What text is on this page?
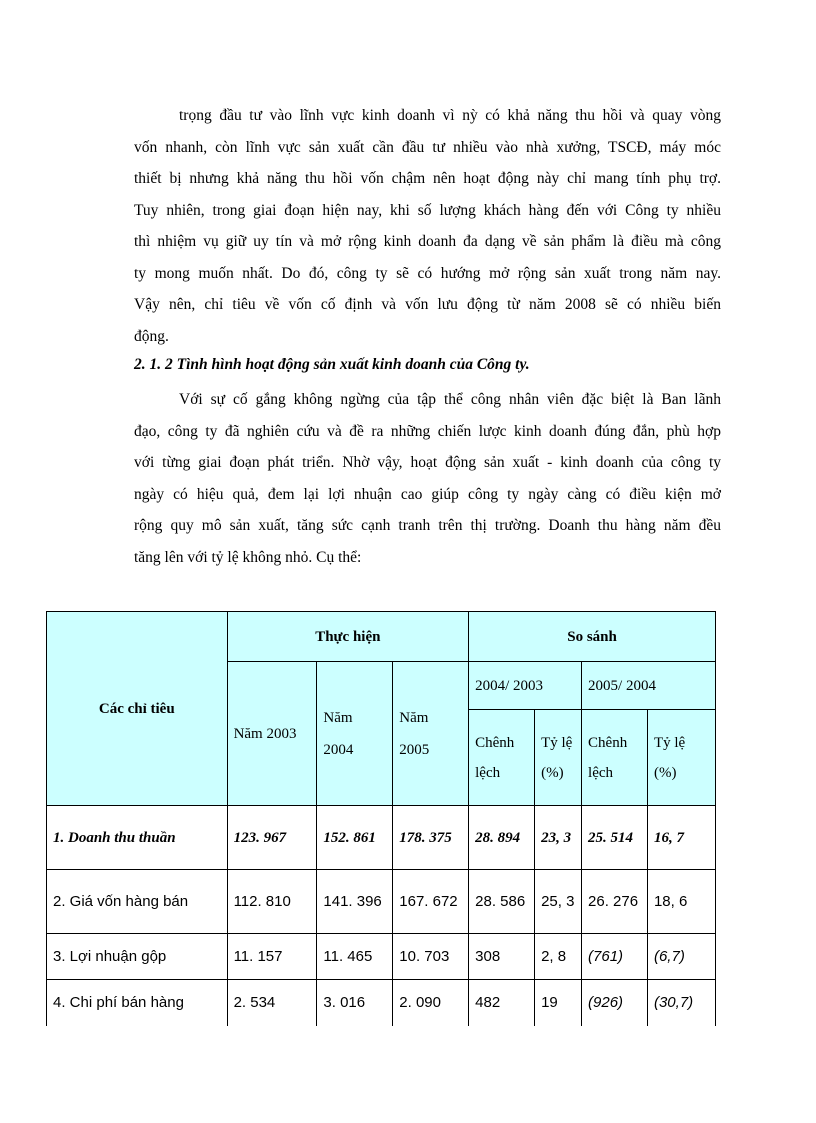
trọng đầu tư vào lĩnh vực kinh doanh vì nỳ có khả năng thu hồi và quay vòng
vốn nhanh, còn lĩnh vực sản xuất cần đầu tư nhiều vào nhà xưởng, TSCĐ, máy móc
thiết bị nhưng khả năng thu hồi vốn chậm nên hoạt động này chỉ mang tính phụ trợ.
Tuy nhiên, trong giai đoạn hiện nay, khi số lượng khách hàng đến với Công ty nhiều
thì nhiệm vụ giữ uy tín và mở rộng kinh doanh đa dạng về sản phẩm là điều mà công
ty mong muốn nhất. Do đó, công ty sẽ có hướng mở rộng sản xuất trong năm nay.
Vậy nên, chỉ tiêu về vốn cố định và vốn lưu động từ năm 2008 sẽ có nhiều biến
động.

2. 1. 2 Tình hình hoạt động sản xuất kinh doanh của Công ty.

Với sự cố gắng không ngừng của tập thể công nhân viên đặc biệt là Ban lãnh
đạo, công ty đã nghiên cứu và đề ra những chiến lược kinh doanh đúng đắn, phù hợp
với từng giai đoạn phát triển. Nhờ vậy, hoạt động sản xuất - kinh doanh của công ty
ngày có hiệu quả, đem lại lợi nhuận cao giúp công ty ngày càng có điều kiện mở
rộng quy mô sản xuất, tăng sức cạnh tranh trên thị trường. Doanh thu hàng năm đều
tăng lên với tỷ lệ không nhỏ. Cụ thể:
Các chỉ tiêu	Thực hiện			So sánh			
	Năm 2003	Năm 2004	Năm 2005	2004/ 2003		2005/ 2004	
				Chênh lệch	Tỷ lệ (%)	Chênh lệch	Tỷ lệ (%)
1. Doanh thu thuần	123. 967	152. 861	178. 375	28. 894	23, 3	25. 514	16, 7
2. Giá vốn hàng bán	112. 810	141. 396	167. 672	28. 586	25, 3	26. 276	18, 6
3. Lợi nhuận gộp	11. 157	11. 465	10. 703	308	2, 8	(761)	(6,7)
4. Chi phí bán hàng	2. 534	3. 016	2. 090	482	19	(926)	(30,7)
